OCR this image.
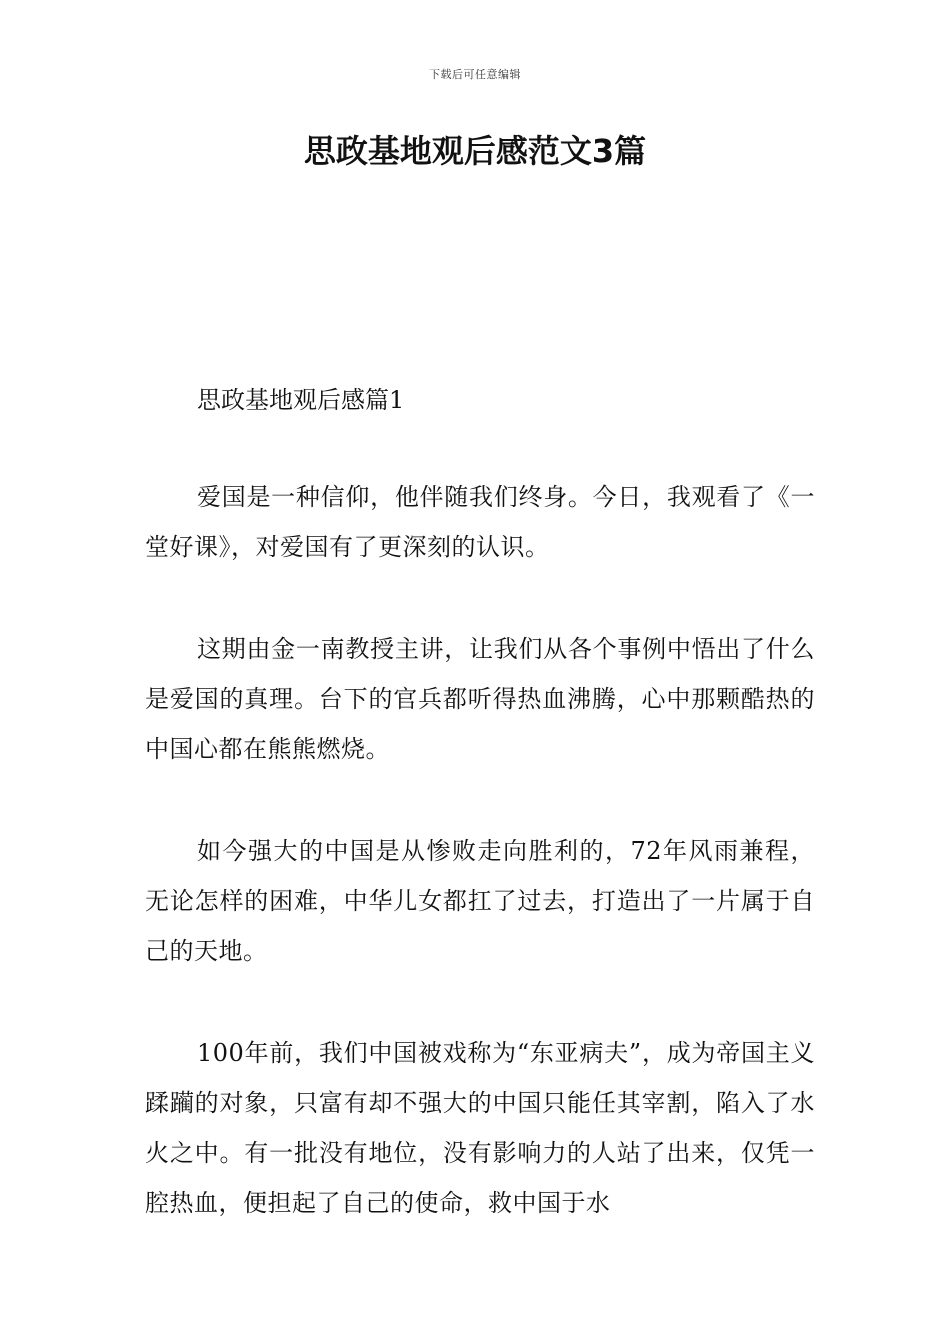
下载后可任意编辑
思政基地观后感范文3篇
思政基地观后感篇1

爱国是一种信仰，他伴随我们终身。今日，我观看了《一堂好课》，对爱国有了更深刻的认识。

这期由金一南教授主讲，让我们从各个事例中悟出了什么是爱国的真理。台下的官兵都听得热血沸腾，心中那颗酷热的中国心都在熊熊燃烧。

如今强大的中国是从惨败走向胜利的，72年风雨兼程，无论怎样的困难，中华儿女都扛了过去，打造出了一片属于自己的天地。

100年前，我们中国被戏称为“东亚病夫”，成为帝国主义蹂躏的对象，只富有却不强大的中国只能任其宰割，陷入了水火之中。有一批没有地位，没有影响力的人站了出来，仅凭一腔热血，便担起了自己的使命，救中国于水
